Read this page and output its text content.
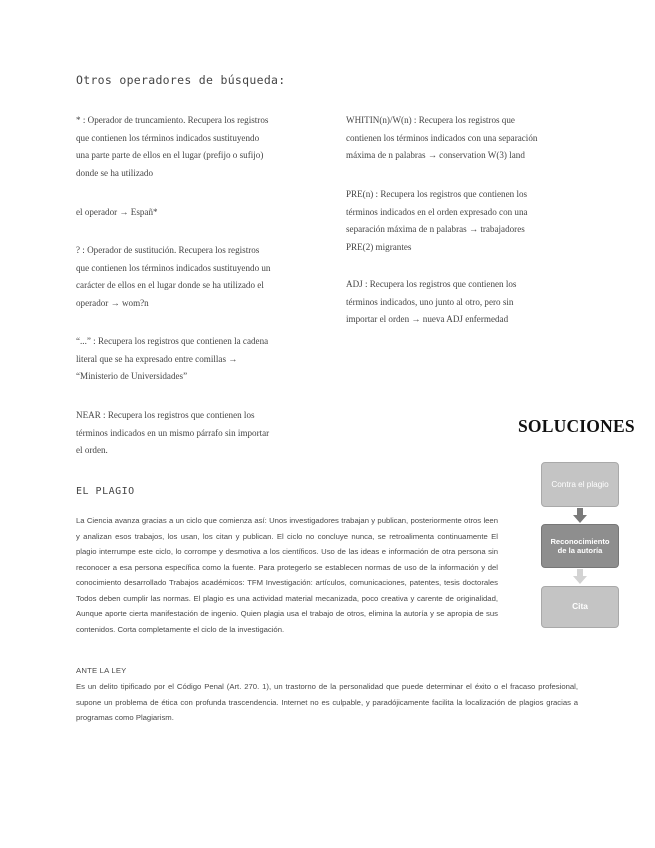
Otros operadores de búsqueda:

* : Operador de truncamiento. Recupera los registros
que contienen los términos indicados sustituyendo
una parte parte de ellos en el lugar (prefijo o sufijo)
donde se ha utilizado

el operador → Españ*

? : Operador de sustitución. Recupera los registros
que contienen los términos indicados sustituyendo un
carácter de ellos en el lugar donde se ha utilizado el
operador → wom?n

“...” : Recupera los registros que contienen la cadena
literal que se ha expresado entre comillas →
“Ministerio de Universidades”

NEAR : Recupera los registros que contienen los
términos indicados en un mismo párrafo sin importar
el orden.

WHITIN(n)/W(n) : Recupera los registros que
contienen los términos indicados con una separación
máxima de n palabras → conservation W(3) land

PRE(n) : Recupera los registros que contienen los
términos indicados en el orden expresado con una
separación máxima de n palabras → trabajadores
PRE(2) migrantes

ADJ : Recupera los registros que contienen los
términos indicados, uno junto al otro, pero sin
importar el orden → nueva ADJ enfermedad

EL PLAGIO

La Ciencia avanza gracias a un ciclo que comienza así: Unos investigadores trabajan y publican, posteriormente otros leen y analizan esos trabajos, los usan, los citan y publican. El ciclo no concluye nunca, se retroalimenta continuamente El plagio interrumpe este ciclo, lo corrompe y desmotiva a los científicos. Uso de las ideas e información de otra persona sin reconocer a esa persona específica como la fuente. Para protegerlo se establecen normas de uso de la información y del conocimiento desarrollado Trabajos académicos: TFM Investigación: artículos, comunicaciones, patentes, tesis doctorales Todos deben cumplir las normas. El plagio es una actividad material mecanizada, poco creativa y carente de originalidad, Aunque aporte cierta manifestación de ingenio. Quien plagia usa el trabajo de otros, elimina la autoría y se apropia de sus contenidos. Corta completamente el ciclo de la investigación.

ANTE LA LEY

Es un delito tipificado por el Código Penal (Art. 270. 1), un trastorno de la personalidad que puede determinar el éxito o el fracaso profesional, supone un problema de ética con profunda trascendencia. Internet no es culpable, y paradójicamente facilita la localización de plagios gracias a programas como Plagiarism.

SOLUCIONES
Contra el plagio
Reconocimiento de la autoría
Cita
